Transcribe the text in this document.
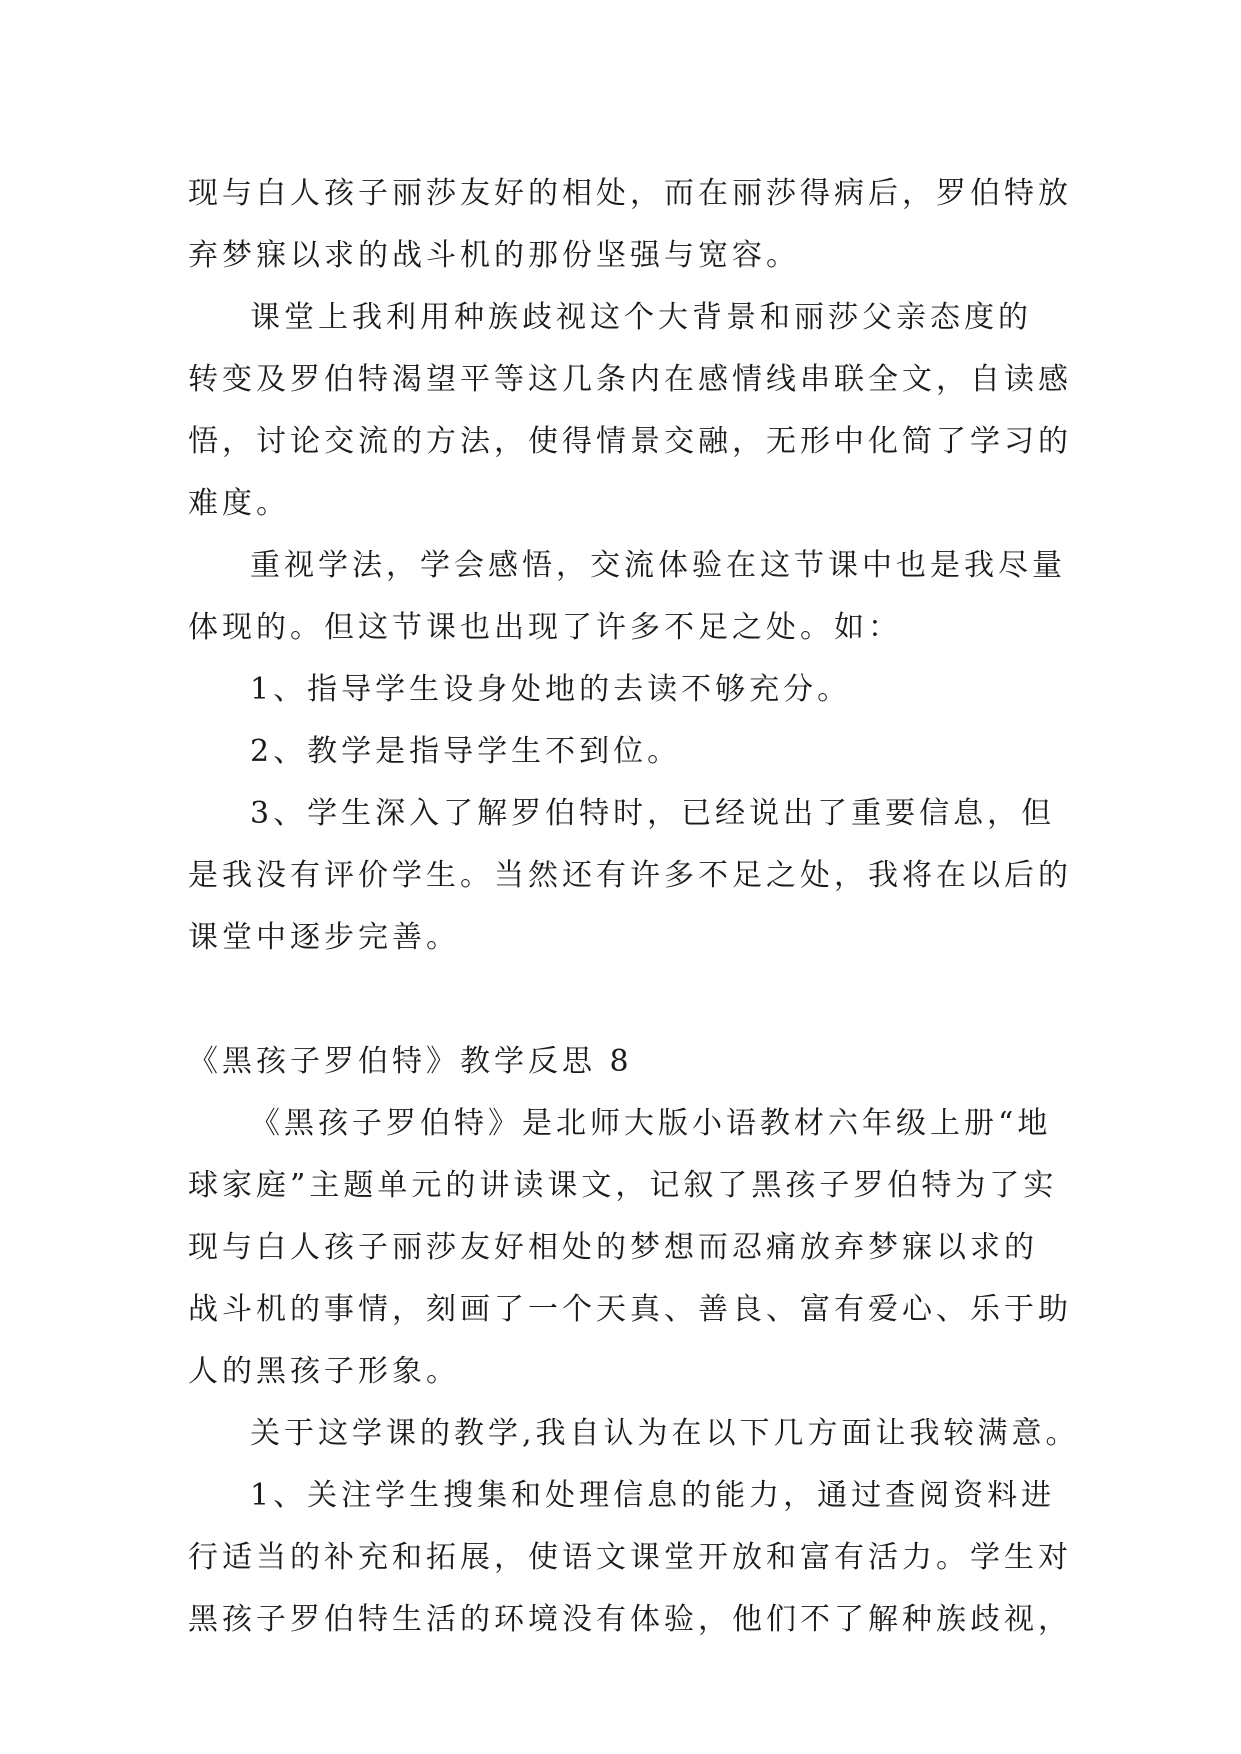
现与白人孩子丽莎友好的相处，而在丽莎得病后，罗伯特放
弃梦寐以求的战斗机的那份坚强与宽容。
课堂上我利用种族歧视这个大背景和丽莎父亲态度的
转变及罗伯特渴望平等这几条内在感情线串联全文，自读感
悟，讨论交流的方法，使得情景交融，无形中化简了学习的
难度。
重视学法，学会感悟，交流体验在这节课中也是我尽量
体现的。但这节课也出现了许多不足之处。如：
1、指导学生设身处地的去读不够充分。
2、教学是指导学生不到位。
3、学生深入了解罗伯特时，已经说出了重要信息，但
是我没有评价学生。当然还有许多不足之处，我将在以后的
课堂中逐步完善。
《黑孩子罗伯特》教学反思 8
《黑孩子罗伯特》是北师大版小语教材六年级上册“地
球家庭”主题单元的讲读课文，记叙了黑孩子罗伯特为了实
现与白人孩子丽莎友好相处的梦想而忍痛放弃梦寐以求的
战斗机的事情，刻画了一个天真、善良、富有爱心、乐于助
人的黑孩子形象。
关于这学课的教学,我自认为在以下几方面让我较满意。
1、关注学生搜集和处理信息的能力，通过查阅资料进
行适当的补充和拓展，使语文课堂开放和富有活力。学生对
黑孩子罗伯特生活的环境没有体验，他们不了解种族歧视，
